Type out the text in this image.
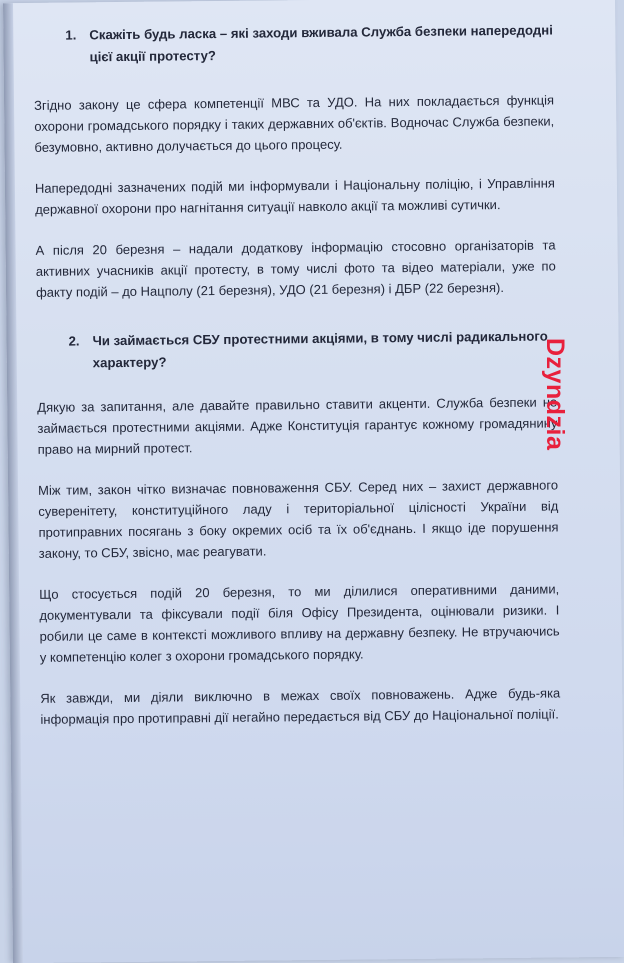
1. Скажіть будь ласка – які заходи вживала Служба безпеки напередодні цієї акції протесту?

Згідно закону це сфера компетенції МВС та УДО. На них покладається функція охорони громадського порядку і таких державних об'єктів. Водночас Служба безпеки, безумовно, активно долучається до цього процесу.

Напередодні зазначених подій ми інформували і Національну поліцію, і Управління державної охорони про нагнітання ситуації навколо акції та можливі сутички.

А після 20 березня – надали додаткову інформацію стосовно організаторів та активних учасників акції протесту, в тому числі фото та відео матеріали, уже по факту подій – до Нацполу (21 березня), УДО (21 березня) і ДБР (22 березня).

2. Чи займається СБУ протестними акціями, в тому числі радикального характеру?

Дякую за запитання, але давайте правильно ставити акценти. Служба безпеки не займається протестними акціями. Адже Конституція гарантує кожному громадянину право на мирний протест.

Між тим, закон чітко визначає повноваження СБУ. Серед них – захист державного суверенітету, конституційного ладу і територіальної цілісності України від протиправних посягань з боку окремих осіб та їх об'єднань. І якщо іде порушення закону, то СБУ, звісно, має реагувати.

Що стосується подій 20 березня, то ми ділилися оперативними даними, документували та фіксували події біля Офісу Президента, оцінювали ризики. І робили це саме в контексті можливого впливу на державну безпеку. Не втручаючись у компетенцію колег з охорони громадського порядку.

Як завжди, ми діяли виключно в межах своїх повноважень. Адже будь-яка інформація про протиправні дії негайно передається від СБУ до Національної поліції.

Dzyndzia
